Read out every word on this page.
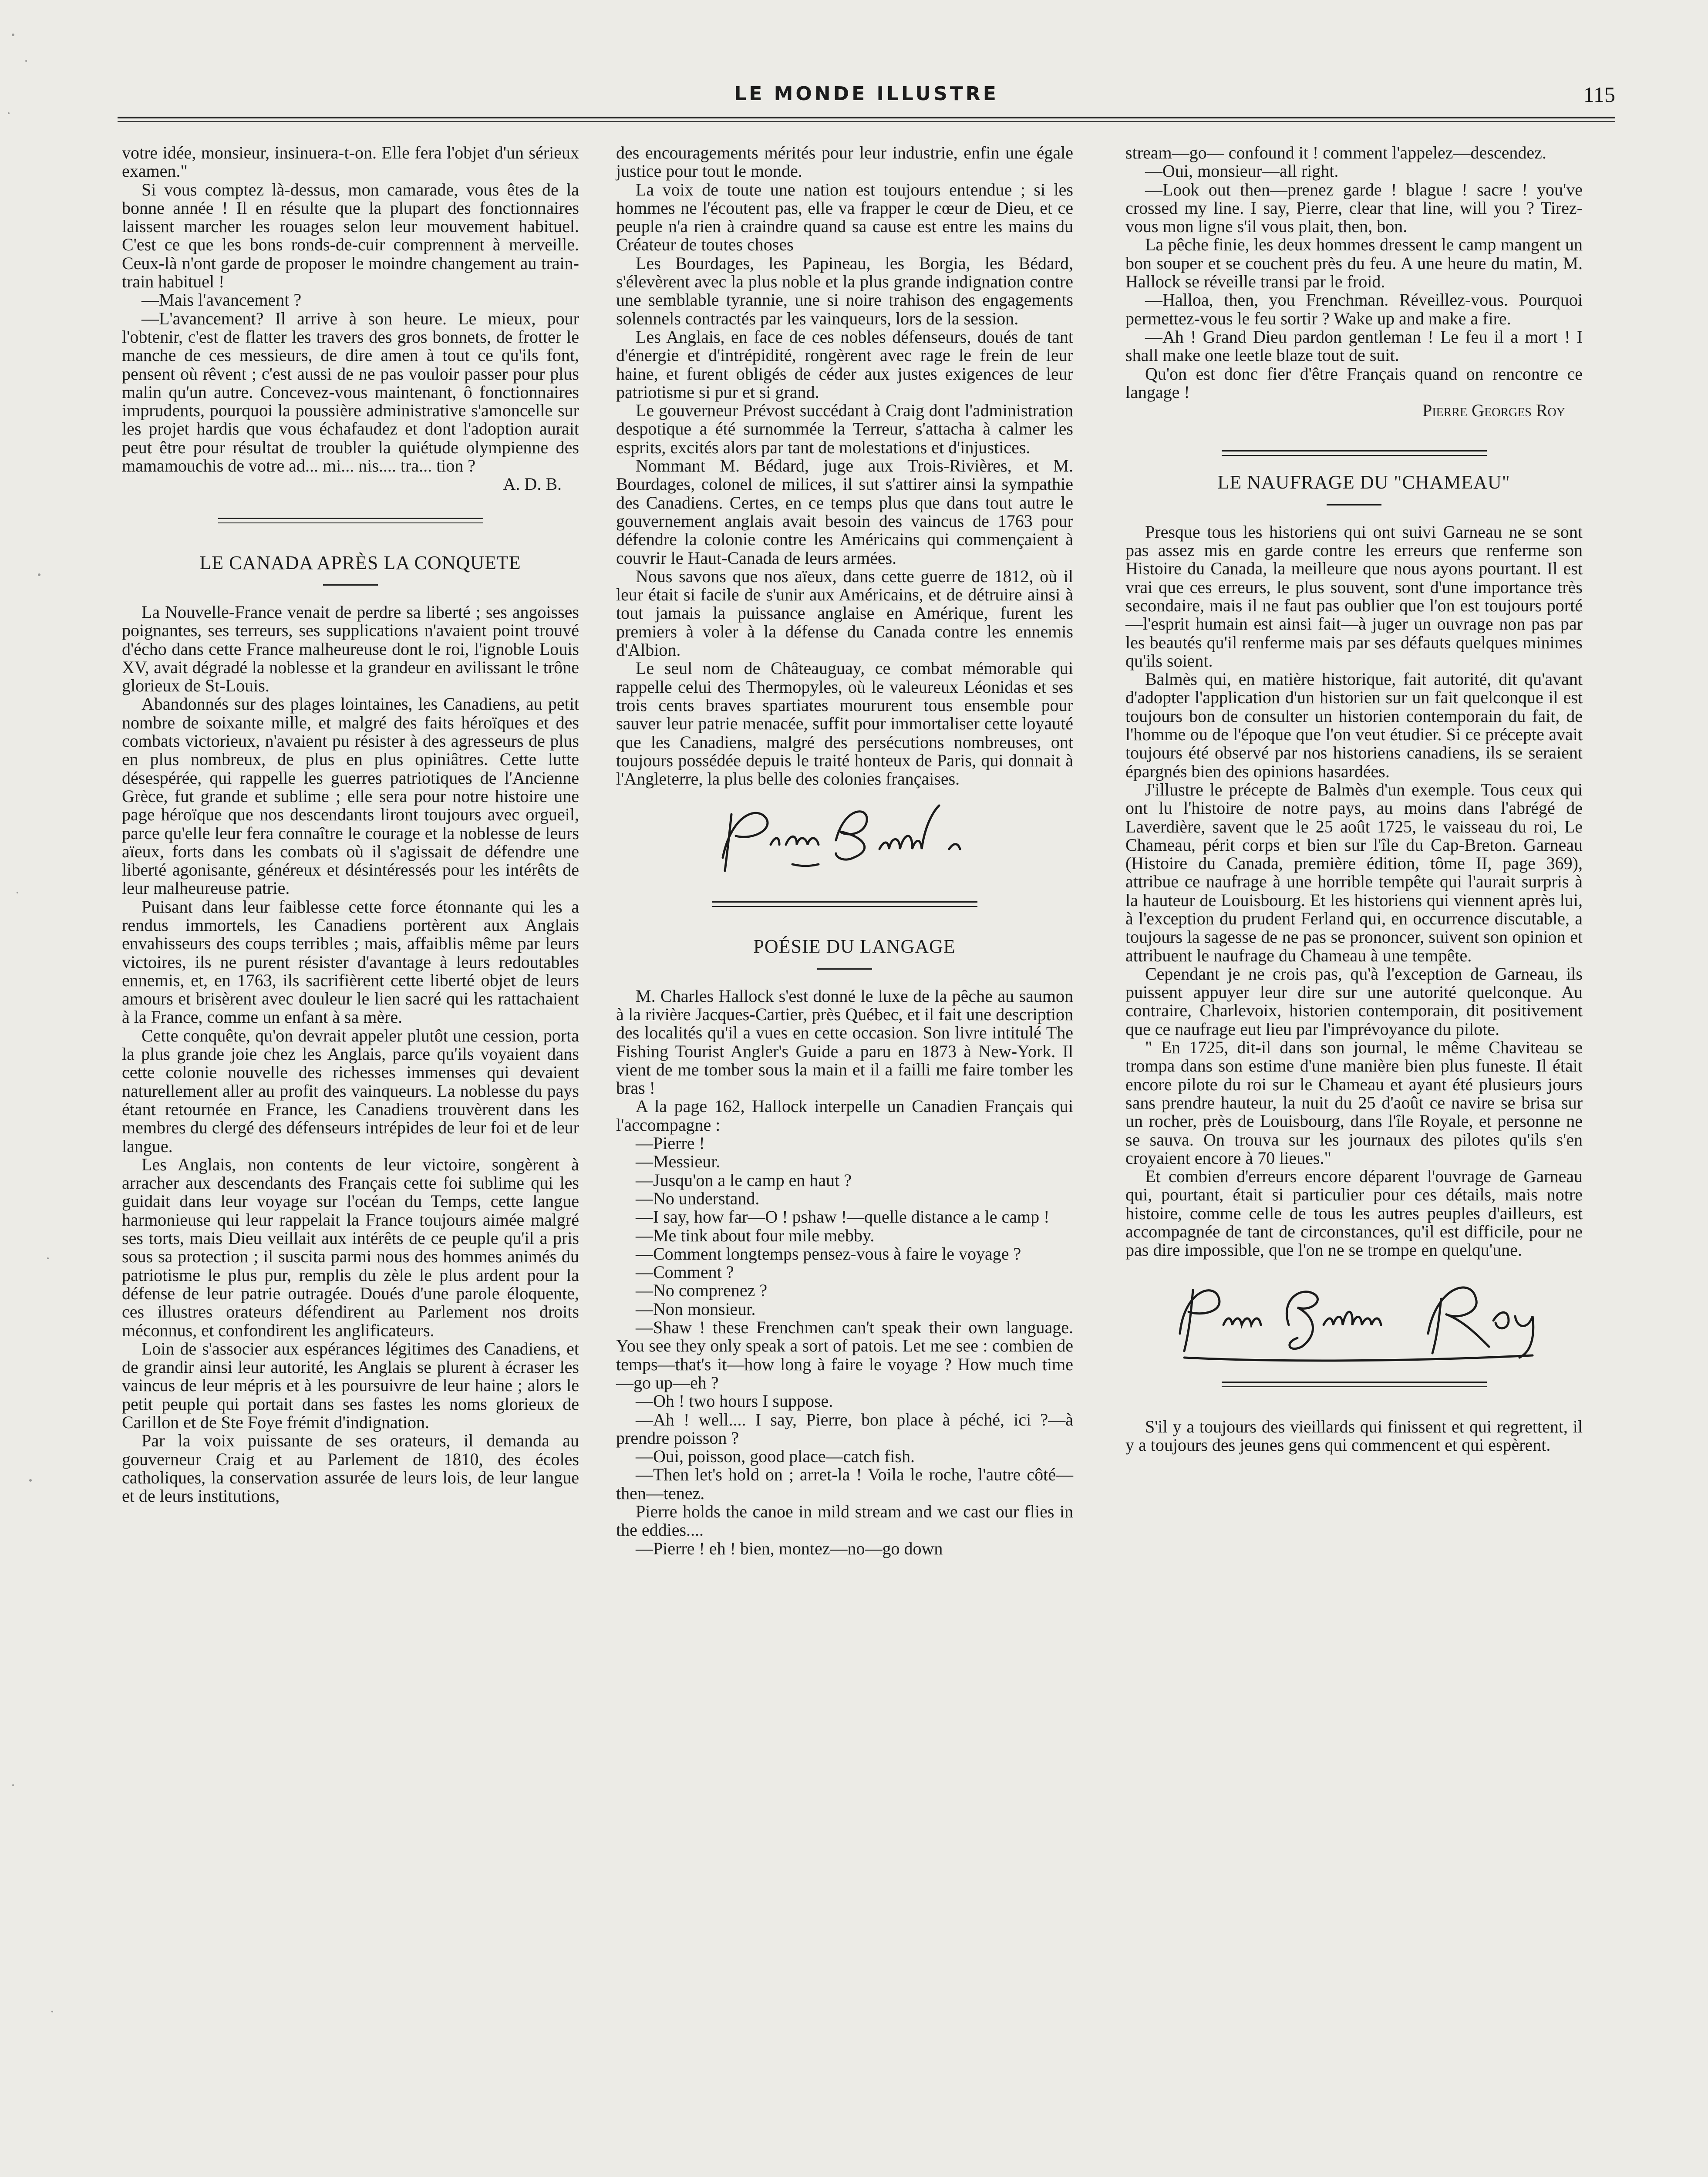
LE MONDE ILLUSTRE	115

votre idée, monsieur, insinuera-t-on. Elle fera l'objet d'un sérieux examen."

Si vous comptez là-dessus, mon camarade, vous êtes de la bonne année ! Il en résulte que la plupart des fonctionnaires laissent marcher les rouages selon leur mouvement habituel. C'est ce que les bons ronds-de-cuir comprennent à merveille. Ceux-là n'ont garde de proposer le moindre changement au train-train habituel !

—Mais l'avancement ?

—L'avancement? Il arrive à son heure. Le mieux, pour l'obtenir, c'est de flatter les travers des gros bonnets, de frotter le manche de ces messieurs, de dire amen à tout ce qu'ils font, pensent où rêvent ; c'est aussi de ne pas vouloir passer pour plus malin qu'un autre. Concevez-vous maintenant, ô fonctionnaires imprudents, pourquoi la poussière administrative s'amoncelle sur les projet hardis que vous échafaudez et dont l'adoption aurait peut être pour résultat de troubler la quiétude olympienne des mamamouchis de votre ad... mi... nis.... tra... tion ?

A. D. B.

LE CANADA APRÈS LA CONQUETE

La Nouvelle-France venait de perdre sa liberté ; ses angoisses poignantes, ses terreurs, ses supplications n'avaient point trouvé d'écho dans cette France malheureuse dont le roi, l'ignoble Louis XV, avait dégradé la noblesse et la grandeur en avilissant le trône glorieux de St-Louis.

Abandonnés sur des plages lointaines, les Canadiens, au petit nombre de soixante mille, et malgré des faits héroïques et des combats victorieux, n'avaient pu résister à des agresseurs de plus en plus nombreux, de plus en plus opiniâtres. Cette lutte désespérée, qui rappelle les guerres patriotiques de l'Ancienne Grèce, fut grande et sublime ; elle sera pour notre histoire une page héroïque que nos descendants liront toujours avec orgueil, parce qu'elle leur fera connaître le courage et la noblesse de leurs aïeux, forts dans les combats où il s'agissait de défendre une liberté agonisante, généreux et désintéressés pour les intérêts de leur malheureuse patrie.

Puisant dans leur faiblesse cette force étonnante qui les a rendus immortels, les Canadiens portèrent aux Anglais envahisseurs des coups terribles ; mais, affaiblis même par leurs victoires, ils ne purent résister d'avantage à leurs redoutables ennemis, et, en 1763, ils sacrifièrent cette liberté objet de leurs amours et brisèrent avec douleur le lien sacré qui les rattachaient à la France, comme un enfant à sa mère.

Cette conquête, qu'on devrait appeler plutôt une cession, porta la plus grande joie chez les Anglais, parce qu'ils voyaient dans cette colonie nouvelle des richesses immenses qui devaient naturellement aller au profit des vainqueurs. La noblesse du pays étant retournée en France, les Canadiens trouvèrent dans les membres du clergé des défenseurs intrépides de leur foi et de leur langue.

Les Anglais, non contents de leur victoire, songèrent à arracher aux descendants des Français cette foi sublime qui les guidait dans leur voyage sur l'océan du Temps, cette langue harmonieuse qui leur rappelait la France toujours aimée malgré ses torts, mais Dieu veillait aux intérêts de ce peuple qu'il a pris sous sa protection ; il suscita parmi nous des hommes animés du patriotisme le plus pur, remplis du zèle le plus ardent pour la défense de leur patrie outragée. Doués d'une parole éloquente, ces illustres orateurs défendirent au Parlement nos droits méconnus, et confondirent les anglificateurs.

Loin de s'associer aux espérances légitimes des Canadiens, et de grandir ainsi leur autorité, les Anglais se plurent à écraser les vaincus de leur mépris et à les poursuivre de leur haine ; alors le petit peuple qui portait dans ses fastes les noms glorieux de Carillon et de Ste Foye frémit d'indignation.

Par la voix puissante de ses orateurs, il demanda au gouverneur Craig et au Parlement de 1810, des écoles catholiques, la conservation assurée de leurs lois, de leur langue et de leurs institutions,

des encouragements mérités pour leur industrie, enfin une égale justice pour tout le monde.

La voix de toute une nation est toujours entendue ; si les hommes ne l'écoutent pas, elle va frapper le cœur de Dieu, et ce peuple n'a rien à craindre quand sa cause est entre les mains du Créateur de toutes choses

Les Bourdages, les Papineau, les Borgia, les Bédard, s'élevèrent avec la plus noble et la plus grande indignation contre une semblable tyrannie, une si noire trahison des engagements solennels contractés par les vainqueurs, lors de la session.

Les Anglais, en face de ces nobles défenseurs, doués de tant d'énergie et d'intrépidité, rongèrent avec rage le frein de leur haine, et furent obligés de céder aux justes exigences de leur patriotisme si pur et si grand.

Le gouverneur Prévost succédant à Craig dont l'administration despotique a été surnommée la Terreur, s'attacha à calmer les esprits, excités alors par tant de molestations et d'injustices.

Nommant M. Bédard, juge aux Trois-Rivières, et M. Bourdages, colonel de milices, il sut s'attirer ainsi la sympathie des Canadiens. Certes, en ce temps plus que dans tout autre le gouvernement anglais avait besoin des vaincus de 1763 pour défendre la colonie contre les Américains qui commençaient à couvrir le Haut-Canada de leurs armées.

Nous savons que nos aïeux, dans cette guerre de 1812, où il leur était si facile de s'unir aux Américains, et de détruire ainsi à tout jamais la puissance anglaise en Amérique, furent les premiers à voler à la défense du Canada contre les ennemis d'Albion.

Le seul nom de Châteauguay, ce combat mémorable qui rappelle celui des Thermopyles, où le valeureux Léonidas et ses trois cents braves spartiates moururent tous ensemble pour sauver leur patrie menacée, suffit pour immortaliser cette loyauté que les Canadiens, malgré des persécutions nombreuses, ont toujours possédée depuis le traité honteux de Paris, qui donnait à l'Angleterre, la plus belle des colonies françaises.

POÉSIE DU LANGAGE

M. Charles Hallock s'est donné le luxe de la pêche au saumon à la rivière Jacques-Cartier, près Québec, et il fait une description des localités qu'il a vues en cette occasion. Son livre intitulé The Fishing Tourist Angler's Guide a paru en 1873 à New-York. Il vient de me tomber sous la main et il a failli me faire tomber les bras !

A la page 162, Hallock interpelle un Canadien Français qui l'accompagne :

—Pierre !

—Messieur.

—Jusqu'on a le camp en haut ?

—No understand.

—I say, how far—O ! pshaw !—quelle distance a le camp !

—Me tink about four mile mebby.

—Comment longtemps pensez-vous à faire le voyage ?

—Comment ?

—No comprenez ?

—Non monsieur.

—Shaw ! these Frenchmen can't speak their own language. You see they only speak a sort of patois. Let me see : combien de temps—that's it—how long à faire le voyage ? How much time—go up—eh ?

—Oh ! two hours I suppose.

—Ah ! well.... I say, Pierre, bon place à péché, ici ?—à prendre poisson ?

—Oui, poisson, good place—catch fish.

—Then let's hold on ; arret-la ! Voila le roche, l'autre côté—then—tenez.

Pierre holds the canoe in mild stream and we cast our flies in the eddies....

—Pierre ! eh ! bien, montez—no—go down

stream—go— confound it ! comment l'appelez—descendez.

—Oui, monsieur—all right.

—Look out then—prenez garde ! blague ! sacre ! you've crossed my line. I say, Pierre, clear that line, will you ? Tirez-vous mon ligne s'il vous plait, then, bon.

La pêche finie, les deux hommes dressent le camp mangent un bon souper et se couchent près du feu. A une heure du matin, M. Hallock se réveille transi par le froid.

—Halloa, then, you Frenchman. Réveillez-vous. Pourquoi permettez-vous le feu sortir ? Wake up and make a fire.

—Ah ! Grand Dieu pardon gentleman ! Le feu il a mort ! I shall make one leetle blaze tout de suit.

Qu'on est donc fier d'être Français quand on rencontre ce langage !

Pierre Georges Roy

LE NAUFRAGE DU "CHAMEAU"

Presque tous les historiens qui ont suivi Garneau ne se sont pas assez mis en garde contre les erreurs que renferme son Histoire du Canada, la meilleure que nous ayons pourtant. Il est vrai que ces erreurs, le plus souvent, sont d'une importance très secondaire, mais il ne faut pas oublier que l'on est toujours porté—l'esprit humain est ainsi fait—à juger un ouvrage non pas par les beautés qu'il renferme mais par ses défauts quelques minimes qu'ils soient.

Balmès qui, en matière historique, fait autorité, dit qu'avant d'adopter l'application d'un historien sur un fait quelconque il est toujours bon de consulter un historien contemporain du fait, de l'homme ou de l'époque que l'on veut étudier. Si ce précepte avait toujours été observé par nos historiens canadiens, ils se seraient épargnés bien des opinions hasardées.

J'illustre le précepte de Balmès d'un exemple. Tous ceux qui ont lu l'histoire de notre pays, au moins dans l'abrégé de Laverdière, savent que le 25 août 1725, le vaisseau du roi, Le Chameau, périt corps et bien sur l'île du Cap-Breton. Garneau (Histoire du Canada, première édition, tôme II, page 369), attribue ce naufrage à une horrible tempête qui l'aurait surpris à la hauteur de Louisbourg. Et les historiens qui viennent après lui, à l'exception du prudent Ferland qui, en occurrence discutable, a toujours la sagesse de ne pas se prononcer, suivent son opinion et attribuent le naufrage du Chameau à une tempête.

Cependant je ne crois pas, qu'à l'exception de Garneau, ils puissent appuyer leur dire sur une autorité quelconque. Au contraire, Charlevoix, historien contemporain, dit positivement que ce naufrage eut lieu par l'imprévoyance du pilote.

" En 1725, dit-il dans son journal, le même Chaviteau se trompa dans son estime d'une manière bien plus funeste. Il était encore pilote du roi sur le Chameau et ayant été plusieurs jours sans prendre hauteur, la nuit du 25 d'août ce navire se brisa sur un rocher, près de Louisbourg, dans l'île Royale, et personne ne se sauva. On trouva sur les journaux des pilotes qu'ils s'en croyaient encore à 70 lieues."

Et combien d'erreurs encore déparent l'ouvrage de Garneau qui, pourtant, était si particulier pour ces détails, mais notre histoire, comme celle de tous les autres peuples d'ailleurs, est accompagnée de tant de circonstances, qu'il est difficile, pour ne pas dire impossible, que l'on ne se trompe en quelqu'une.

S'il y a toujours des vieillards qui finissent et qui regrettent, il y a toujours des jeunes gens qui commencent et qui espèrent.
